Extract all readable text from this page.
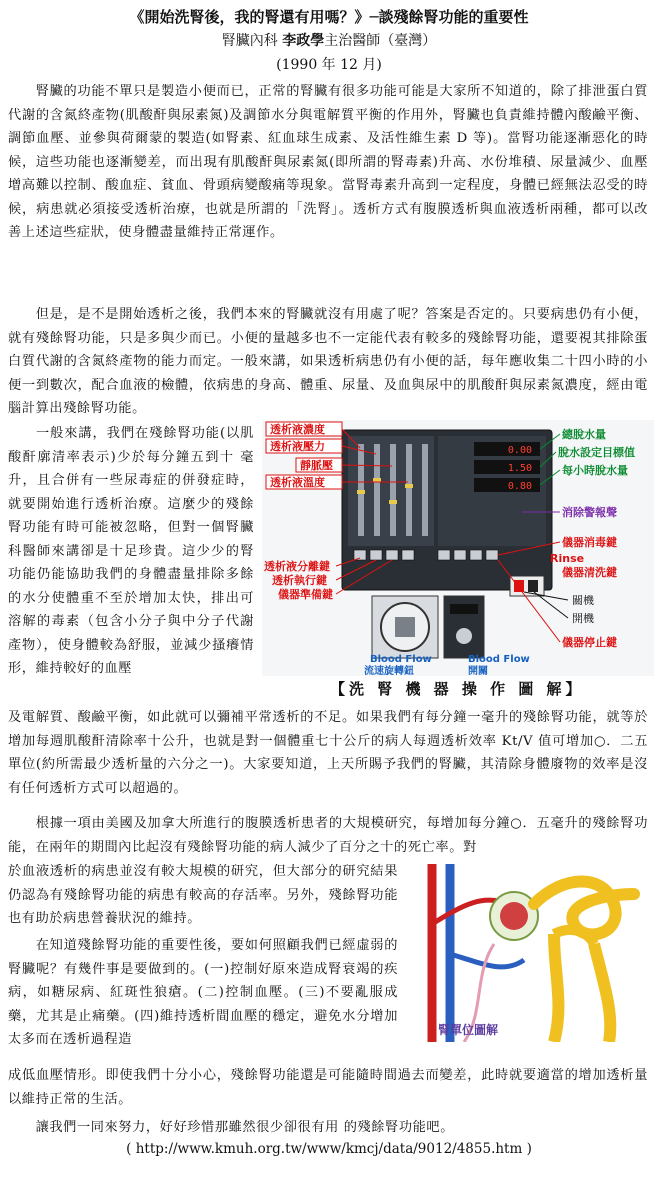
《開始洗腎後，我的腎還有用嗎？》─談殘餘腎功能的重要性
腎臟內科 李政學主治醫師（臺灣）
(1990 年 12 月)

  腎臟的功能不單只是製造小便而已，正常的腎臟有很多功能可能是大家所不知道的，除了排泄蛋白質代謝的含氮終產物(肌酸酐與尿素氮)及調節水分與電解質平衡的作用外，腎臟也負責維持體內酸鹼平衡、調節血壓、並參與荷爾蒙的製造(如腎素、紅血球生成素、及活性維生素 D 等)。當腎功能逐漸惡化的時候，這些功能也逐漸變差，而出現有肌酸酐與尿素氮(即所謂的腎毒素)升高、水份堆積、尿量減少、血壓增高難以控制、酸血症、貧血、骨頭病變酸痛等現象。當腎毒素升高到一定程度，身體已經無法忍受的時候，病患就必須接受透析治療，也就是所謂的「洗腎」。透析方式有腹膜透析與血液透析兩種，都可以改善上述這些症狀，使身體盡量維持正常運作。

  但是，是不是開始透析之後，我們本來的腎臟就沒有用處了呢？答案是否定的。只要病患仍有小便，就有殘餘腎功能，只是多與少而已。小便的量越多也不一定能代表有較多的殘餘腎功能，還要視其排除蛋白質代謝的含氮終產物的能力而定。一般來講，如果透析病患仍有小便的話，每年應收集二十四小時的小便一到數次，配合血液的檢體，依病患的身高、體重、尿量、及血與尿中的肌酸酐與尿素氮濃度，經由電腦計算出殘餘腎功能。

  一般來講，我們在殘餘腎功能(以肌酸酐廓清率表示)少於每分鐘五到十 毫升，且合併有一些尿毒症的併發症時，就要開始進行透析治療。這麼少的殘餘腎功能有時可能被忽略，但對一個腎臟科醫師來講卻是十足珍貴。這少少的腎功能仍能協助我們的身體盡量排除多餘的水分使體重不至於增加太快，排出可溶解的毒素（包含小分子與中分子代謝產物），使身體較為舒服，並減少搔癢情形，維持較好的血壓

0.00
1.50
0.80
透析液濃度
透析液壓力
靜脈壓
透析液溫度
透析液分離鍵
透析執行鍵
儀器準備鍵
總脫水量
脫水設定目標值
每小時脫水量
消除警報聲
儀器消毒鍵
Rinse
儀器清洗鍵
關機
開機
儀器停止鍵
Blood Flow
流速旋轉鈕
Blood Flow
開關
【洗 腎 機 器 操 作 圖 解】

及電解質、酸鹼平衡，如此就可以彌補平常透析的不足。如果我們有每分鐘一毫升的殘餘腎功能，就等於增加每週肌酸酐清除率十公升，也就是對一個體重七十公斤的病人每週透析效率 Kt/V 值可增加○．二五單位(約所需最少透析量的六分之一)。大家要知道，上天所賜予我們的腎臟，其清除身體廢物的效率是沒有任何透析方式可以超過的。

  根據一項由美國及加拿大所進行的腹膜透析患者的大規模研究，每增加每分鐘○．五毫升的殘餘腎功能，在兩年的期間內比起沒有殘餘腎功能的病人減少了百分之十的死亡率。對

於血液透析的病患並沒有較大規模的研究，但大部分的研究結果仍認為有殘餘腎功能的病患有較高的存活率。另外，殘餘腎功能也有助於病患營養狀況的維持。

  在知道殘餘腎功能的重要性後，要如何照顧我們已經虛弱的腎臟呢？有幾件事是要做到的。(一)控制好原來造成腎衰竭的疾病，如糖尿病、紅斑性狼瘡。(二)控制血壓。(三)不要亂服成藥，尤其是止痛藥。(四)維持透析間血壓的穩定，避免水分增加太多而在透析過程造

腎單位圖解

成低血壓情形。即使我們十分小心，殘餘腎功能還是可能隨時間過去而變差，此時就要適當的增加透析量以維持正常的生活。

  讓我們一同來努力，好好珍惜那雖然很少卻很有用 的殘餘腎功能吧。

( http://www.kmuh.org.tw/www/kmcj/data/9012/4855.htm )
